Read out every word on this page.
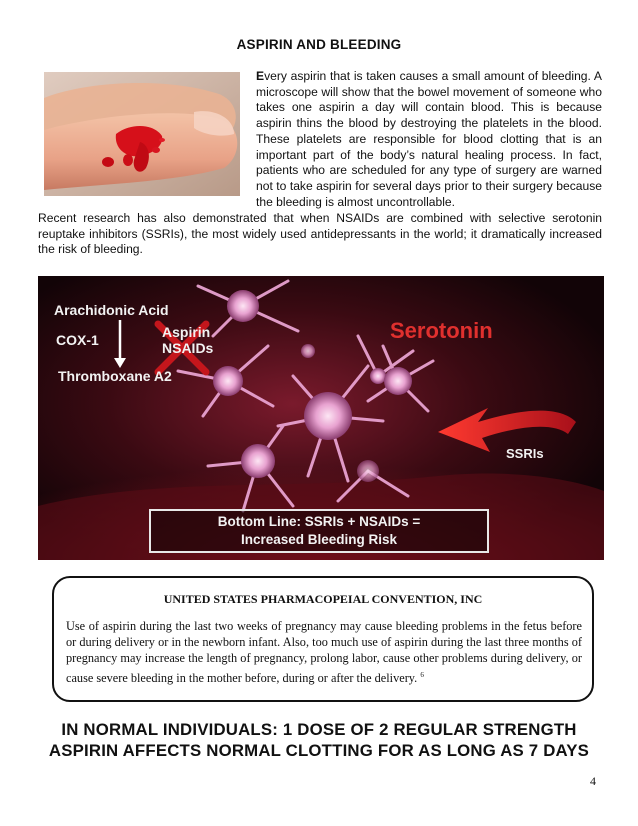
ASPIRIN AND BLEEDING
Every aspirin that is taken causes a small amount of bleeding. A microscope will show that the bowel movement of someone who takes one aspirin a day will contain blood. This is because aspirin thins the blood by destroying the platelets in the blood. These platelets are responsible for blood clotting that is an important part of the body’s natural healing process. In fact, patients who are scheduled for any type of surgery are warned not to take aspirin for several days prior to their surgery because the bleeding is almost uncontrollable.
Recent research has also demonstrated that when NSAIDs are combined with selective serotonin reuptake inhibitors (SSRIs), the most widely used antidepressants in the world; it dramatically increased the risk of bleeding.
Arachidonic Acid
COX-1	Aspirin
NSAIDs
Thromboxane A2
Serotonin
SSRIs
Bottom Line: SSRIs + NSAIDs =
Increased Bleeding Risk
UNITED STATES PHARMACOPEIAL CONVENTION, INC
Use of aspirin during the last two weeks of pregnancy may cause bleeding problems in the fetus before or during delivery or in the newborn infant. Also, too much use of aspirin during the last three months of pregnancy may increase the length of pregnancy, prolong labor, cause other problems during delivery, or cause severe bleeding in the mother before, during or after the delivery. $^6$
IN NORMAL INDIVIDUALS: 1 DOSE OF 2 REGULAR STRENGTH
ASPIRIN AFFECTS NORMAL CLOTTING FOR AS LONG AS 7 DAYS
4
